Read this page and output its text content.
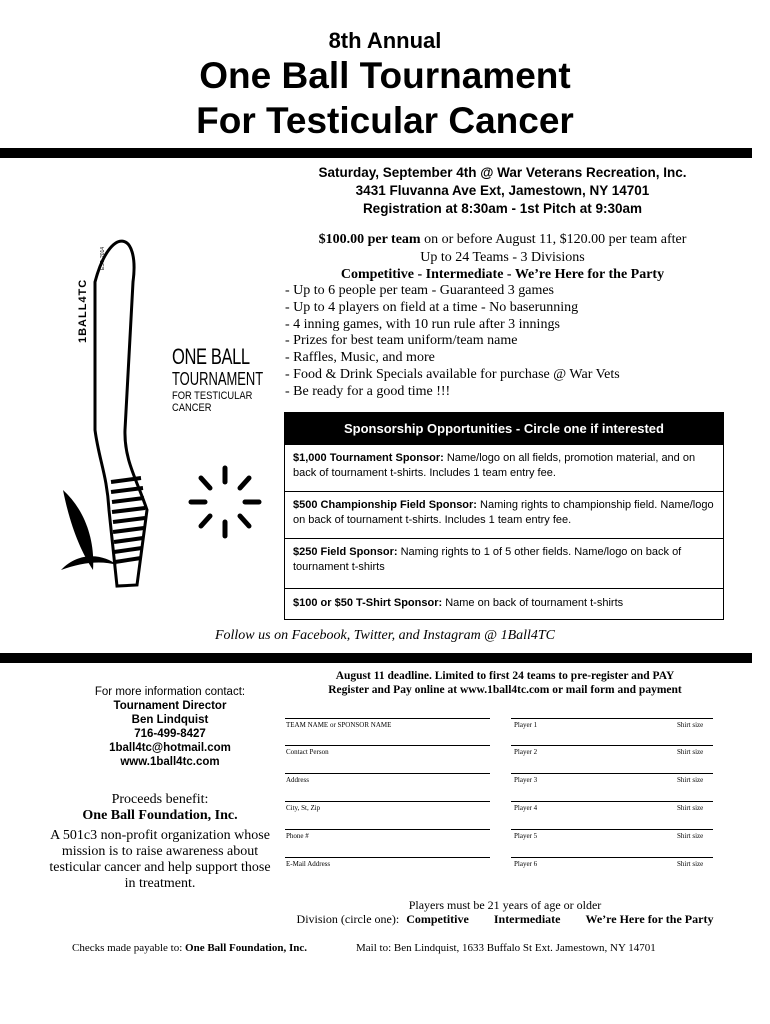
8th Annual
One Ball Tournament
For Testicular Cancer
1BALL4TC
EST. 2014
ONE BALL
TOURNAMENT
FOR TESTICULAR
CANCER
Saturday, September 4th @ War Veterans Recreation, Inc.
3431 Fluvanna Ave Ext, Jamestown, NY 14701
Registration at 8:30am - 1st Pitch at 9:30am
$100.00 per team on or before August 11, $120.00 per team after
Up to 24 Teams - 3 Divisions
Competitive - Intermediate - We’re Here for the Party
- Up to 6 people per team - Guaranteed 3 games
- Up to 4 players on field at a time - No baserunning
- 4 inning games, with 10 run rule after 3 innings
- Prizes for best team uniform/team name
- Raffles, Music, and more
- Food & Drink Specials available for purchase @ War Vets
- Be ready for a good time !!!
Sponsorship Opportunities - Circle one if interested
$1,000 Tournament Sponsor: Name/logo on all fields, promotion material, and on back of tournament t-shirts. Includes 1 team entry fee.
$500 Championship Field Sponsor: Naming rights to championship field. Name/logo on back of tournament t-shirts. Includes 1 team entry fee.
$250 Field Sponsor: Naming rights to 1 of 5 other fields. Name/logo on back of tournament t-shirts
$100 or $50 T-Shirt Sponsor: Name on back of tournament t-shirts
Follow us on Facebook, Twitter, and Instagram @ 1Ball4TC
For more information contact:
Tournament Director
Ben Lindquist
716-499-8427
1ball4tc@hotmail.com
www.1ball4tc.com
Proceeds benefit:
One Ball Foundation, Inc.
A 501c3 non-profit organization whose mission is to raise awareness about testicular cancer and help support those in treatment.
August 11 deadline. Limited to first 24 teams to pre-register and PAY
Register and Pay online at www.1ball4tc.com or mail form and payment
TEAM NAME or SPONSOR NAME	Player 1	Shirt size
Contact Person	Player 2	Shirt size
Address	Player 3	Shirt size
City, St, Zip	Player 4	Shirt size
Phone #	Player 5	Shirt size
E-Mail Address	Player 6	Shirt size
Players must be 21 years of age or older
Division (circle one): Competitive Intermediate We’re Here for the Party
Checks made payable to: One Ball Foundation, Inc.	Mail to: Ben Lindquist, 1633 Buffalo St Ext. Jamestown, NY 14701
